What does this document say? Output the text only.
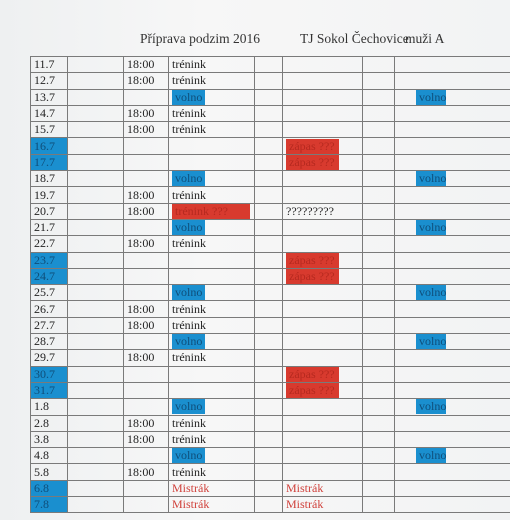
Příprava podzim 2016	TJ Sokol Čechovice
muži A
11.7		18:00	trénink				
12.7		18:00	trénink				
13.7			volno				volno
14.7		18:00	trénink				
15.7		18:00	trénink				
16.7					zápas ???		
17.7					zápas ???		
18.7			volno				volno
19.7		18:00	trénink				
20.7		18:00	trénink ???		?????????		
21.7			volno				volno
22.7		18:00	trénink				
23.7					zápas ???		
24.7					zápas ???		
25.7			volno				volno
26.7		18:00	trénink				
27.7		18:00	trénink				
28.7			volno				volno
29.7		18:00	trénink				
30.7					zápas ???		
31.7					zápas ???		
1.8			volno				volno
2.8		18:00	trénink				
3.8		18:00	trénink				
4.8			volno				volno
5.8		18:00	trénink				
6.8			Mistrák		Mistrák		
7.8			Mistrák		Mistrák		
